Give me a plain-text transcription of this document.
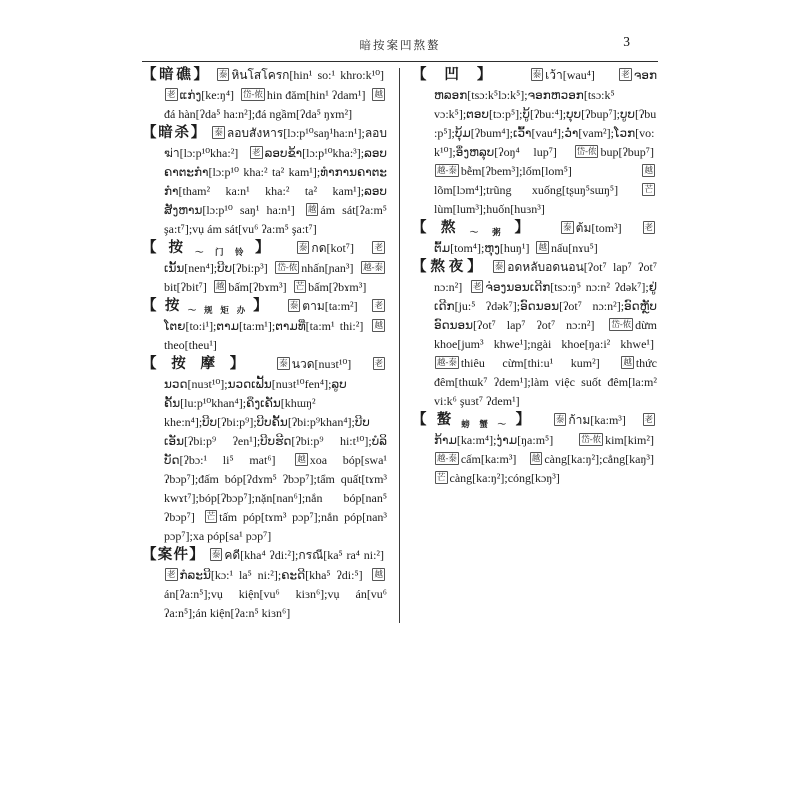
暗按案凹熬螯	3
【暗礁】 泰 หินโสโครก[hin¹ so:¹ khro:k¹⁰] 老 ແກ່ງ[ke:ŋ⁴] 岱-侬 hin đăm[hin¹ ʔdam¹] 越đá hàn[ʔda⁵ ha:n²];đá ngầm[ʔda⁵ ŋɤm²]
【暗杀】 泰 ลอบสังหาร[lɔ:p¹⁰saŋ¹ha:n¹];ลอบฆ่า[lɔ:p¹⁰kha:²] 老 ລອບຂ້າ[lɔ:p¹⁰kha:³];ລອບຄາຕະກຳ[lɔ:p¹⁰ kha:² ta² kam¹];ທຳການຄາຕະກຳ[tham² ka:n¹ kha:² ta² kam¹];ລອບສັງຫານ[lɔ:p¹⁰ saŋ¹ ha:n¹] 越 ám sát[ʔa:m⁵ şa:t⁷];vụ ám sát[vu⁶ ʔa:m⁵ şa:t⁷]
【按$_{\sim 门铃}$】 泰 กด[kot⁷] 老ເນັ້ນ[nen⁴];ບີບ[ʔbi:p³] 岱-侬 nhấn[ɲan³] 越-泰bit[ʔbit⁷] 越 bấm[ʔbɤm³] 芒 bấm[ʔbɤm³]
【按$_{\sim 规矩办}$】 泰 ตาม[ta:m²] 老ໂຕຍ[to:i¹];ຕາມ[ta:m¹];ຕາມທີ່[ta:m¹ thi:²] 越theo[theu¹]
【按摩】 泰 นวด[nuɜt¹⁰]	老ນວດ[nuɜt¹⁰];ນວດເຟັ້ນ[nuɜt¹⁰fen⁴];ລູບຄັ້ນ[lu:p¹⁰khan⁴];ຄຶງເຄັນ[khɯŋ² khe:n⁴];ບີບ[ʔbi:p⁹];ບີບຄັ້ນ[ʔbi:p⁹khan⁴];ບີບເອັນ[ʔbi:p⁹ ʔen¹];ບີບຮີດ[ʔbi:p⁹ hi:t¹⁰];ບໍລິບັດ[ʔbɔ:¹ li⁵ mat⁶]	越 xoa bóp[swa¹ ʔbɔp⁷];đấm bóp[ʔdɤm⁵ ʔbɔp⁷];tẩm quất[tɤm³ kwɤt⁷];bóp[ʔbɔp⁷];nặn[nan⁶];nắn bóp[nan⁵ ʔbɔp⁷] 芒 tấm póp[tɤm³ pɔp⁷];nắn póp[nan³ pɔp⁷];xa póp[sa¹ pɔp⁷]
【案件】 泰 คดี[kha⁴ ʔdi:²];กรณี[ka⁵ ra⁴ ni:²] 老 ກໍລະນີ[kɔ:¹ la⁵ ni:²];ຄະດີ[kha⁵ ʔdi:⁵] 越án[ʔa:n⁵];vụ kiện[vu⁶ kiɜn⁶];vụ án[vu⁶ ʔa:n⁵];án kiện[ʔa:n⁵ kiɜn⁶]
【凹】	泰 เว้า[wau⁴]	老 ຈອກຫລອກ[tsɔ:k⁵lɔ:k⁵];ຈອກຫວອກ[tsɔ:k⁵ vɔ:k⁵];ຕອບ[tɔ:p⁵];ບູ້[ʔbu:⁴];ບຸບ[ʔbup⁷];ບູບ[ʔbu:p⁵];ບຸ້ມ[ʔbum⁴];ເວົ້າ[vau⁴];ວ່ຳ[vam²];ໂວກ[vo:k¹⁰];ອຶ່ງຫລຸບ[ʔoŋ⁴ lup⁷] 岱-侬 bup[ʔbup⁷] 越-泰 bễm[ʔbem³];lốm[lom⁵]	越lõm[lɔm⁴];trũng xuống[tʂuŋ⁵sɯŋ⁵]	芒lùm[lum³];huốn[huɜn³]
【熬$_{\sim 粥}$】 泰 ต้ม[tom³]	老ຕົ້ມ[tom⁴];ຫຸງ[huŋ¹] 越 nấu[nɤu⁵]
【熬夜】 泰 อดหลับอดนอน[ʔot⁷ lap⁷ ʔot⁷ nɔ:n²] 老 ຈ່ອງນອນເດີກ[tsɔ:ŋ⁵ nɔ:n² ʔdək⁷];ຢູ່ເດີກ[ju:⁵ ʔdək⁷];ອົດນອນ[ʔot⁷ nɔ:n²];ອົດຫຼັບອົດນອນ[ʔot⁷ lap⁷ ʔot⁷ nɔ:n²] 岱-侬 dừm khoe[jum³ khwe¹];ngài khoe[ŋa:i² khwe¹] 越-泰 thiêu cừm[thi:u¹ kum²]	越 thức đêm[thɯk⁷ ʔdem¹];làm việc suốt đêm[la:m² vi:k⁶ şuɜt⁷ ʔdem¹]
【螯$_{螃蟹\sim}$】 泰 ก้าม[ka:m³] 老ກ້າມ[ka:m⁴];ງ່າມ[ŋa:m⁵]	岱-侬 kim[kim²] 越-泰 cấm[ka:m³] 越 càng[ka:ŋ²];cẳng[kaŋ³] 芒 càng[ka:ŋ²];cóng[kɔŋ³]
